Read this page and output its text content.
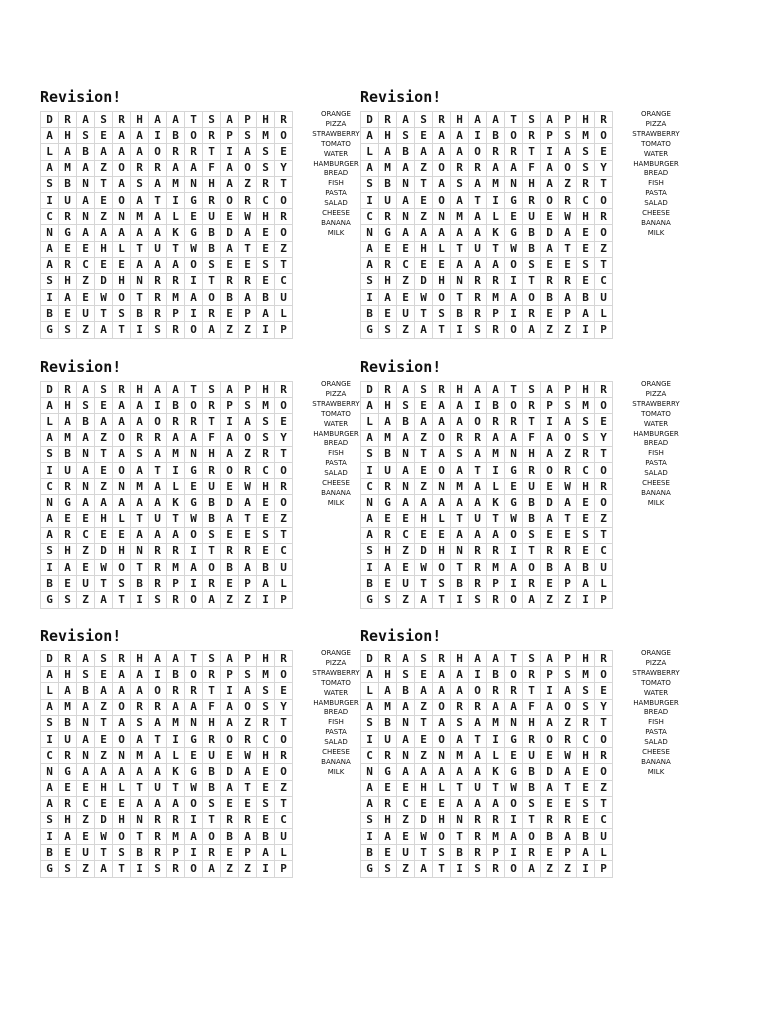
Revision!
D	R	A	S	R	H	A	A	T	S	A	P	H	R
A	H	S	E	A	A	I	B	O	R	P	S	M	O
L	A	B	A	A	A	O	R	R	T	I	A	S	E
A	M	A	Z	O	R	R	A	A	F	A	O	S	Y
S	B	N	T	A	S	A	M	N	H	A	Z	R	T
I	U	A	E	O	A	T	I	G	R	O	R	C	O
C	R	N	Z	N	M	A	L	E	U	E	W	H	R
N	G	A	A	A	A	A	K	G	B	D	A	E	O
A	E	E	H	L	T	U	T	W	B	A	T	E	Z
A	R	C	E	E	A	A	A	O	S	E	E	S	T
S	H	Z	D	H	N	R	R	I	T	R	R	E	C
I	A	E	W	O	T	R	M	A	O	B	A	B	U
B	E	U	T	S	B	R	P	I	R	E	P	A	L
G	S	Z	A	T	I	S	R	O	A	Z	Z	I	P
ORANGE
PIZZA
STRAWBERRY
TOMATO
WATER
HAMBURGER
BREAD
FISH
PASTA
SALAD
CHEESE
BANANA
MILK
Revision!
D	R	A	S	R	H	A	A	T	S	A	P	H	R
A	H	S	E	A	A	I	B	O	R	P	S	M	O
L	A	B	A	A	A	O	R	R	T	I	A	S	E
A	M	A	Z	O	R	R	A	A	F	A	O	S	Y
S	B	N	T	A	S	A	M	N	H	A	Z	R	T
I	U	A	E	O	A	T	I	G	R	O	R	C	O
C	R	N	Z	N	M	A	L	E	U	E	W	H	R
N	G	A	A	A	A	A	K	G	B	D	A	E	O
A	E	E	H	L	T	U	T	W	B	A	T	E	Z
A	R	C	E	E	A	A	A	O	S	E	E	S	T
S	H	Z	D	H	N	R	R	I	T	R	R	E	C
I	A	E	W	O	T	R	M	A	O	B	A	B	U
B	E	U	T	S	B	R	P	I	R	E	P	A	L
G	S	Z	A	T	I	S	R	O	A	Z	Z	I	P
ORANGE
PIZZA
STRAWBERRY
TOMATO
WATER
HAMBURGER
BREAD
FISH
PASTA
SALAD
CHEESE
BANANA
MILK
Revision!
D	R	A	S	R	H	A	A	T	S	A	P	H	R
A	H	S	E	A	A	I	B	O	R	P	S	M	O
L	A	B	A	A	A	O	R	R	T	I	A	S	E
A	M	A	Z	O	R	R	A	A	F	A	O	S	Y
S	B	N	T	A	S	A	M	N	H	A	Z	R	T
I	U	A	E	O	A	T	I	G	R	O	R	C	O
C	R	N	Z	N	M	A	L	E	U	E	W	H	R
N	G	A	A	A	A	A	K	G	B	D	A	E	O
A	E	E	H	L	T	U	T	W	B	A	T	E	Z
A	R	C	E	E	A	A	A	O	S	E	E	S	T
S	H	Z	D	H	N	R	R	I	T	R	R	E	C
I	A	E	W	O	T	R	M	A	O	B	A	B	U
B	E	U	T	S	B	R	P	I	R	E	P	A	L
G	S	Z	A	T	I	S	R	O	A	Z	Z	I	P
ORANGE
PIZZA
STRAWBERRY
TOMATO
WATER
HAMBURGER
BREAD
FISH
PASTA
SALAD
CHEESE
BANANA
MILK
Revision!
D	R	A	S	R	H	A	A	T	S	A	P	H	R
A	H	S	E	A	A	I	B	O	R	P	S	M	O
L	A	B	A	A	A	O	R	R	T	I	A	S	E
A	M	A	Z	O	R	R	A	A	F	A	O	S	Y
S	B	N	T	A	S	A	M	N	H	A	Z	R	T
I	U	A	E	O	A	T	I	G	R	O	R	C	O
C	R	N	Z	N	M	A	L	E	U	E	W	H	R
N	G	A	A	A	A	A	K	G	B	D	A	E	O
A	E	E	H	L	T	U	T	W	B	A	T	E	Z
A	R	C	E	E	A	A	A	O	S	E	E	S	T
S	H	Z	D	H	N	R	R	I	T	R	R	E	C
I	A	E	W	O	T	R	M	A	O	B	A	B	U
B	E	U	T	S	B	R	P	I	R	E	P	A	L
G	S	Z	A	T	I	S	R	O	A	Z	Z	I	P
ORANGE
PIZZA
STRAWBERRY
TOMATO
WATER
HAMBURGER
BREAD
FISH
PASTA
SALAD
CHEESE
BANANA
MILK
Revision!
D	R	A	S	R	H	A	A	T	S	A	P	H	R
A	H	S	E	A	A	I	B	O	R	P	S	M	O
L	A	B	A	A	A	O	R	R	T	I	A	S	E
A	M	A	Z	O	R	R	A	A	F	A	O	S	Y
S	B	N	T	A	S	A	M	N	H	A	Z	R	T
I	U	A	E	O	A	T	I	G	R	O	R	C	O
C	R	N	Z	N	M	A	L	E	U	E	W	H	R
N	G	A	A	A	A	A	K	G	B	D	A	E	O
A	E	E	H	L	T	U	T	W	B	A	T	E	Z
A	R	C	E	E	A	A	A	O	S	E	E	S	T
S	H	Z	D	H	N	R	R	I	T	R	R	E	C
I	A	E	W	O	T	R	M	A	O	B	A	B	U
B	E	U	T	S	B	R	P	I	R	E	P	A	L
G	S	Z	A	T	I	S	R	O	A	Z	Z	I	P
ORANGE
PIZZA
STRAWBERRY
TOMATO
WATER
HAMBURGER
BREAD
FISH
PASTA
SALAD
CHEESE
BANANA
MILK
Revision!
D	R	A	S	R	H	A	A	T	S	A	P	H	R
A	H	S	E	A	A	I	B	O	R	P	S	M	O
L	A	B	A	A	A	O	R	R	T	I	A	S	E
A	M	A	Z	O	R	R	A	A	F	A	O	S	Y
S	B	N	T	A	S	A	M	N	H	A	Z	R	T
I	U	A	E	O	A	T	I	G	R	O	R	C	O
C	R	N	Z	N	M	A	L	E	U	E	W	H	R
N	G	A	A	A	A	A	K	G	B	D	A	E	O
A	E	E	H	L	T	U	T	W	B	A	T	E	Z
A	R	C	E	E	A	A	A	O	S	E	E	S	T
S	H	Z	D	H	N	R	R	I	T	R	R	E	C
I	A	E	W	O	T	R	M	A	O	B	A	B	U
B	E	U	T	S	B	R	P	I	R	E	P	A	L
G	S	Z	A	T	I	S	R	O	A	Z	Z	I	P
ORANGE
PIZZA
STRAWBERRY
TOMATO
WATER
HAMBURGER
BREAD
FISH
PASTA
SALAD
CHEESE
BANANA
MILK
